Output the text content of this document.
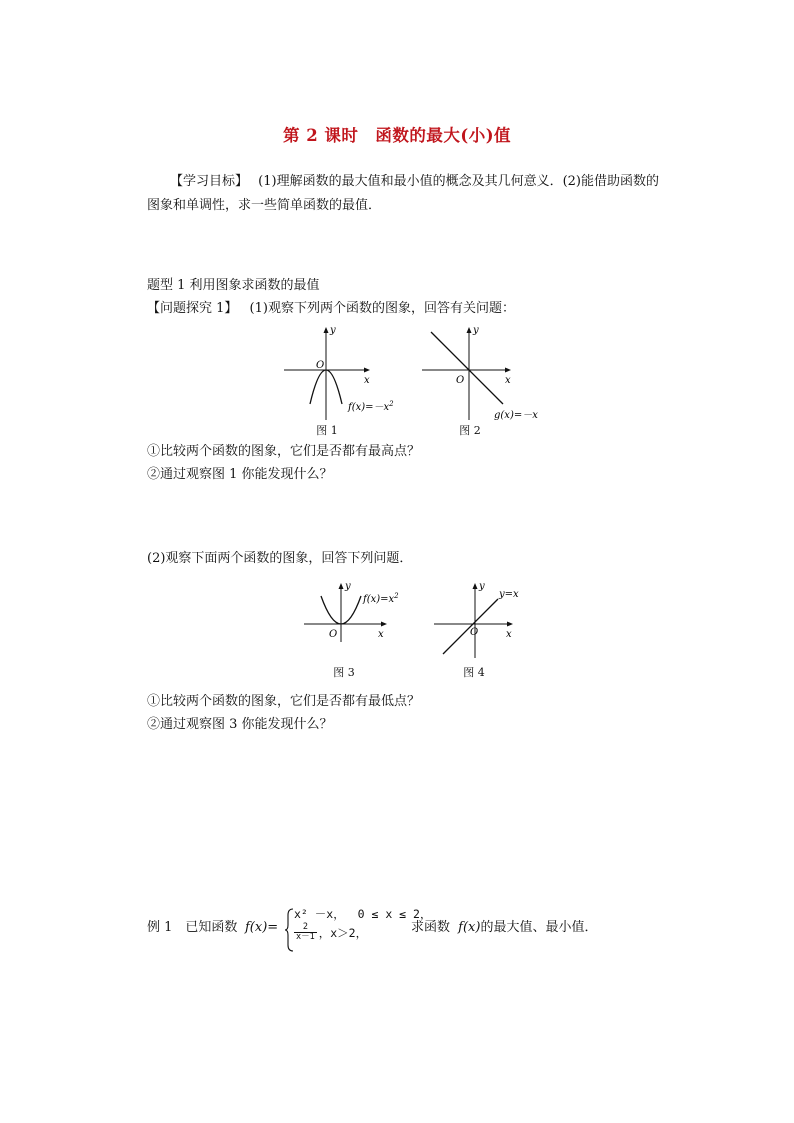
第 2 课时　函数的最大(小)值
【学习目标】 (1)理解函数的最大值和最小值的概念及其几何意义．(2)能借助函数的
图象和单调性，求一些简单函数的最值．
题型 1 利用图象求函数的最值
【问题探究 1】 (1)观察下列两个函数的图象，回答有关问题：
x
y
O
$f(x)=-x^2$
图 1
x
y
O
g(x)=－x
图 2
①比较两个函数的图象，它们是否都有最高点？
②通过观察图 1 你能发现什么？
(2)观察下面两个函数的图象，回答下列问题．
x
y
O
$f(x)=x^2$
图 3
x
y
O
y=x
图 4
①比较两个函数的图象，它们是否都有最低点？
②通过观察图 3 你能发现什么？
例 1　已知函数 f(x)=
x² －x， 0 ≤ x ≤ 2，
$\frac{2}{x-1}$ ，x＞2，	求函数 f(x)的最大值、最小值．
